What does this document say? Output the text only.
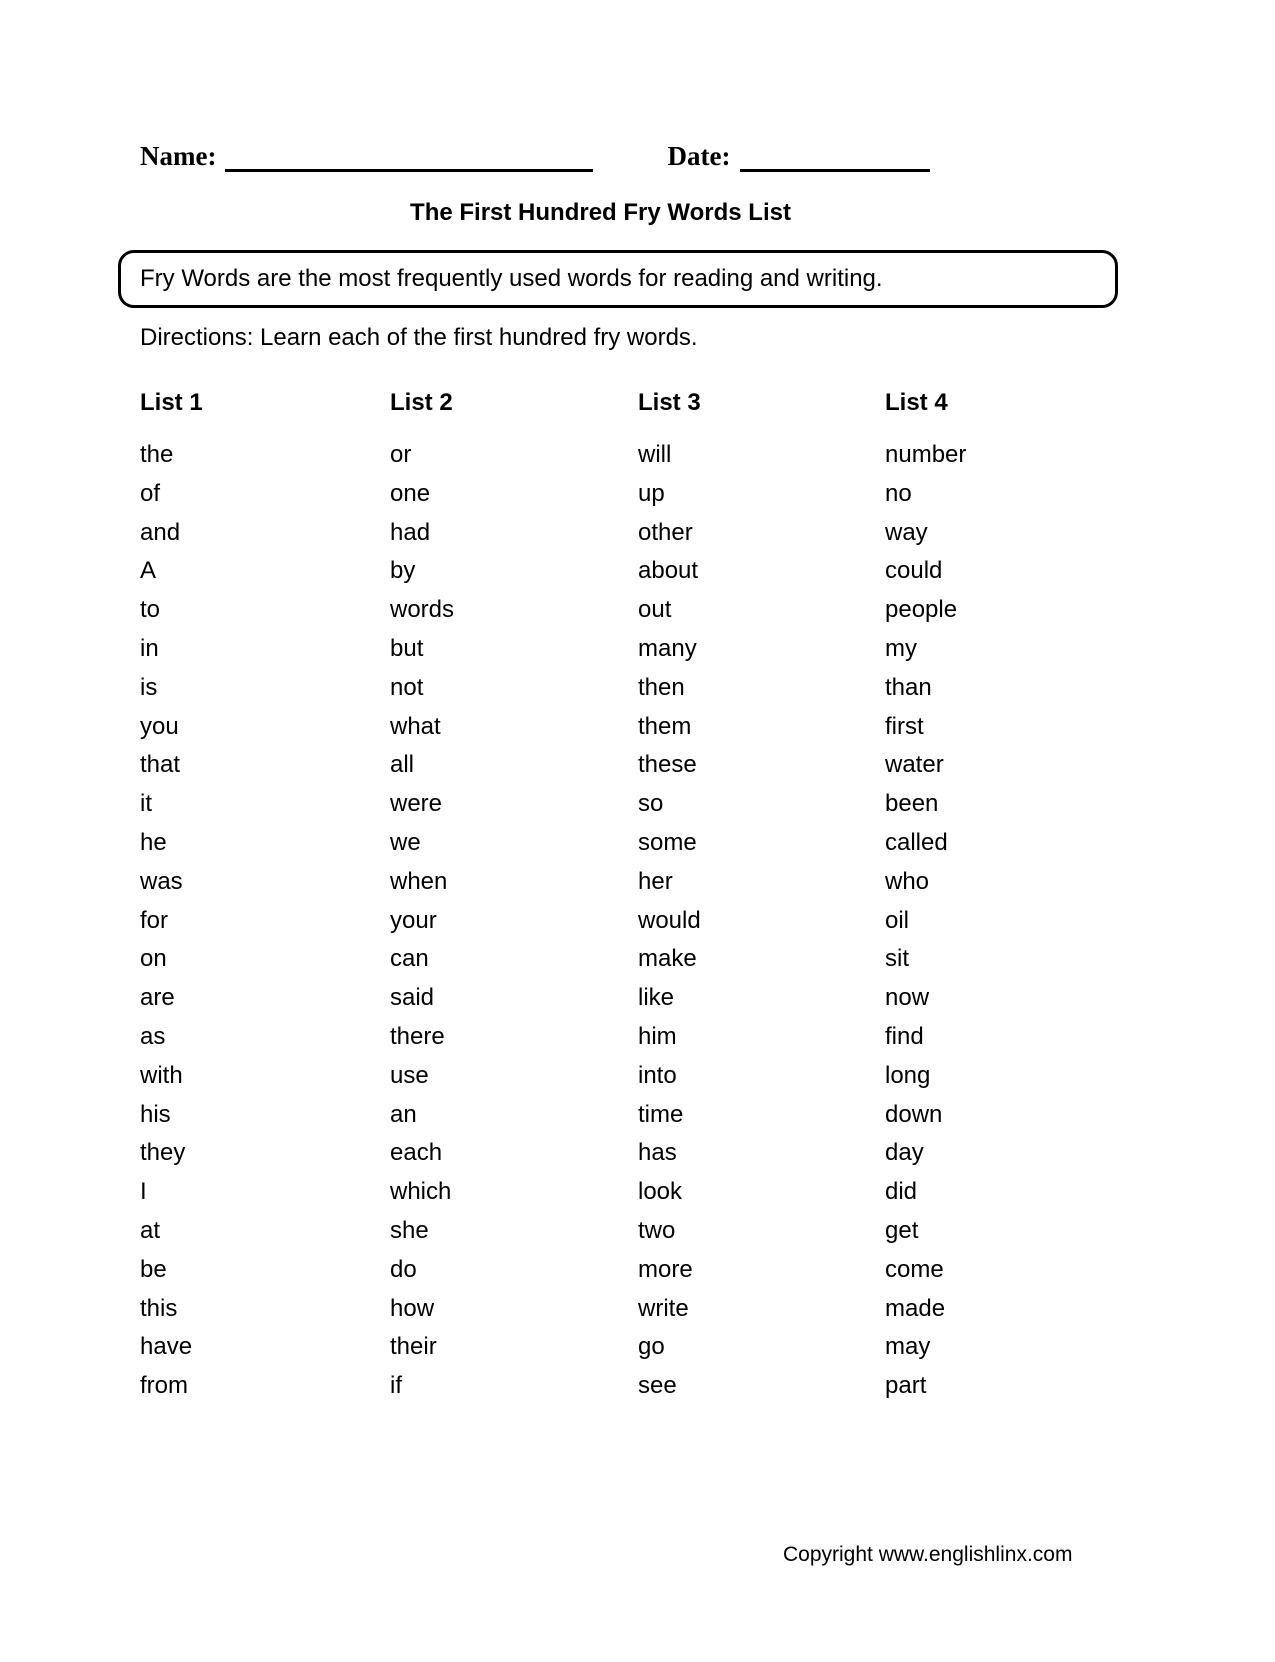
Name:	Date:
The First Hundred Fry Words List
Fry Words are the most frequently used words for reading and writing.

Directions: Learn each of the first hundred fry words.

List 1
the
of
and
A
to
in
is
you
that
it
he
was
for
on
are
as
with
his
they
I
at
be
this
have
from
List 2
or
one
had
by
words
but
not
what
all
were
we
when
your
can
said
there
use
an
each
which
she
do
how
their
if
List 3
will
up
other
about
out
many
then
them
these
so
some
her
would
make
like
him
into
time
has
look
two
more
write
go
see
List 4
number
no
way
could
people
my
than
first
water
been
called
who
oil
sit
now
find
long
down
day
did
get
come
made
may
part

Copyright www.englishlinx.com
